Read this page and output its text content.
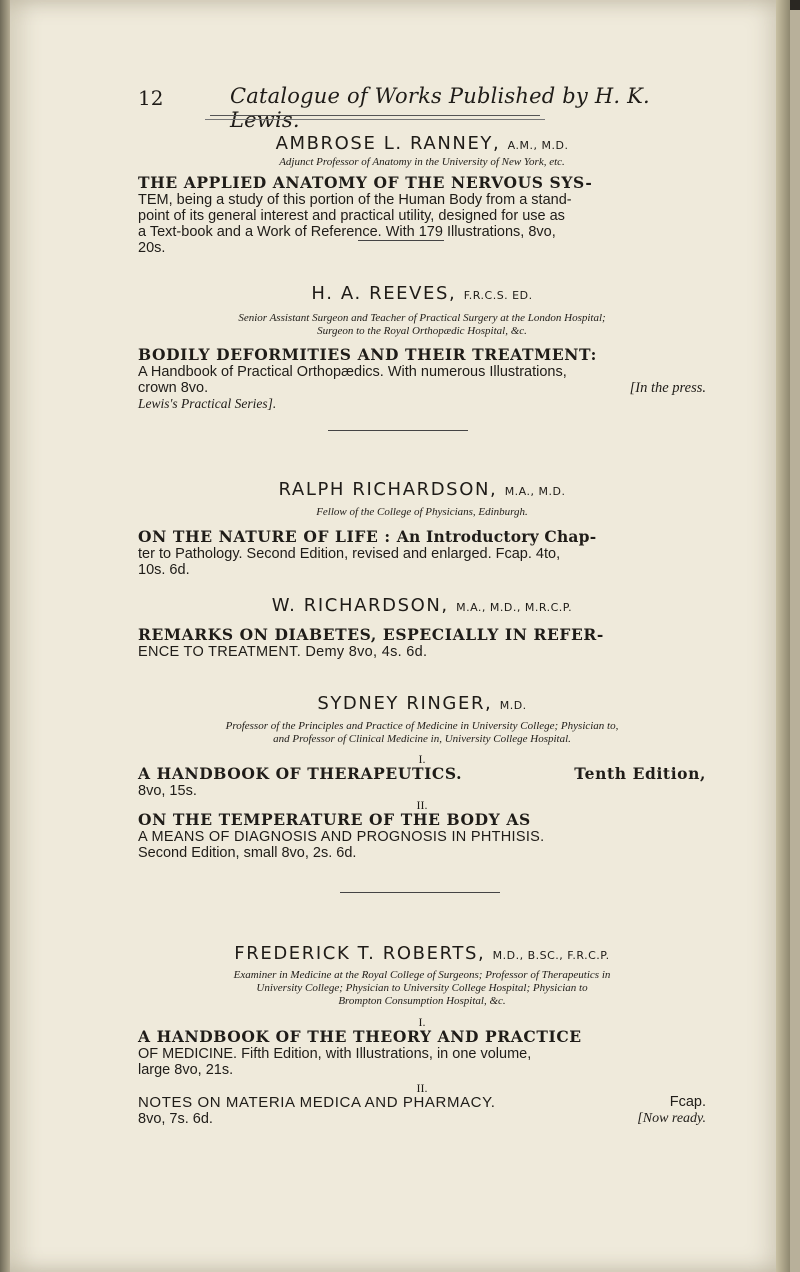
12	Catalogue of Works Published by H. K. Lewis.
AMBROSE L. RANNEY, A.M., M.D.
Adjunct Professor of Anatomy in the University of New York, etc.
THE APPLIED ANATOMY OF THE NERVOUS SYS-
TEM, being a study of this portion of the Human Body from a stand-
point of its general interest and practical utility, designed for use as
a Text-book and a Work of Reference. With 179 Illustrations, 8vo,
20s.
H. A. REEVES, F.R.C.S. ED.
Senior Assistant Surgeon and Teacher of Practical Surgery at the London Hospital;
Surgeon to the Royal Orthopædic Hospital, &c.
BODILY DEFORMITIES AND THEIR TREATMENT:
A Handbook of Practical Orthopædics. With numerous Illustrations,
crown 8vo.	[In the press.
Lewis's Practical Series].
RALPH RICHARDSON, M.A., M.D.
Fellow of the College of Physicians, Edinburgh.
ON THE NATURE OF LIFE : An Introductory Chap-
ter to Pathology. Second Edition, revised and enlarged. Fcap. 4to,
10s. 6d.
W. RICHARDSON, M.A., M.D., M.R.C.P.
REMARKS ON DIABETES, ESPECIALLY IN REFER-
ENCE TO TREATMENT. Demy 8vo, 4s. 6d.
SYDNEY RINGER, M.D.
Professor of the Principles and Practice of Medicine in University College; Physician to,
and Professor of Clinical Medicine in, University College Hospital.
I.
A HANDBOOK OF THERAPEUTICS.	Tenth Edition,
8vo, 15s.
II.
ON THE TEMPERATURE OF THE BODY AS
A MEANS OF DIAGNOSIS AND PROGNOSIS IN PHTHISIS.
Second Edition, small 8vo, 2s. 6d.
FREDERICK T. ROBERTS, M.D., B.SC., F.R.C.P.
Examiner in Medicine at the Royal College of Surgeons; Professor of Therapeutics in
University College; Physician to University College Hospital; Physician to
Brompton Consumption Hospital, &c.
I.
A HANDBOOK OF THE THEORY AND PRACTICE
OF MEDICINE. Fifth Edition, with Illustrations, in one volume,
large 8vo, 21s.
II.
NOTES ON MATERIA MEDICA AND PHARMACY.	Fcap.
8vo, 7s. 6d.	[Now ready.
